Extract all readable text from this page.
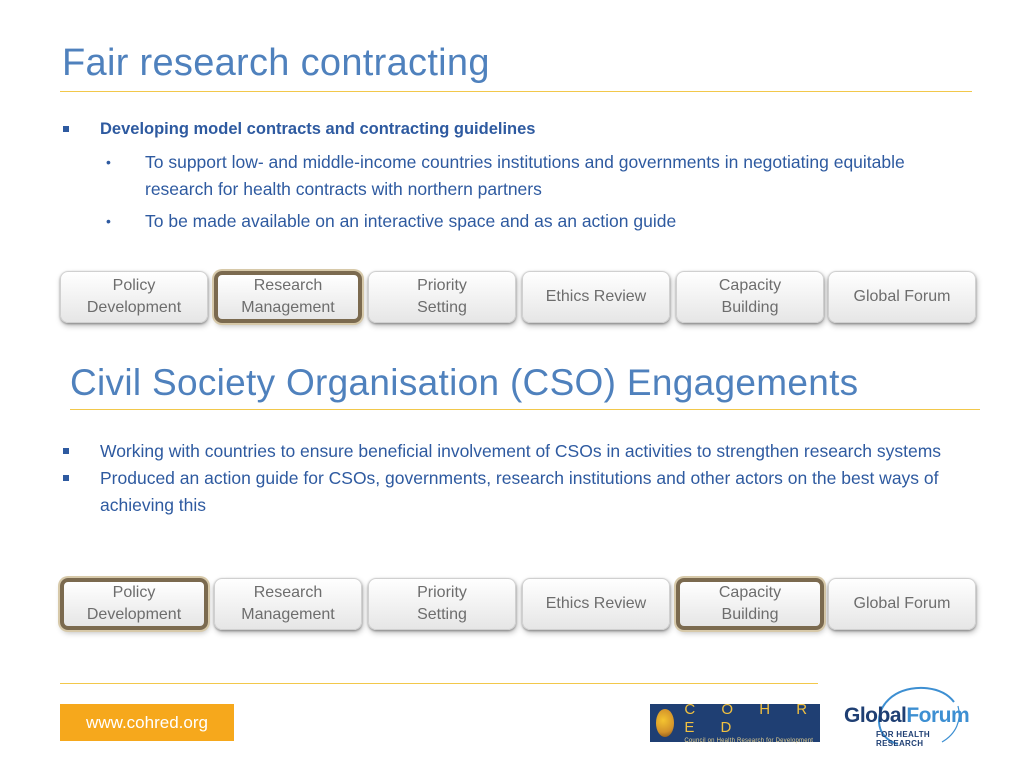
Fair research contracting
Developing model contracts and contracting guidelines
• To support low- and middle-income countries institutions and governments in negotiating equitable research for health contracts with northern partners
• To be made available on an interactive space and as an action guide
Policy
Development
Research
Management
Priority
Setting
Ethics Review
Capacity
Building
Global Forum
Civil Society Organisation (CSO) Engagements
Working with countries to ensure beneficial involvement of CSOs in activities to strengthen research systems
Produced an action guide for CSOs, governments, research institutions and other actors on the best ways of achieving this
Policy
Development
Research
Management
Priority
Setting
Ethics Review
Capacity
Building
Global Forum
www.cohred.org
C O H R E D
Council on Health Research for Development
GlobalForum
FOR HEALTH RESEARCH
